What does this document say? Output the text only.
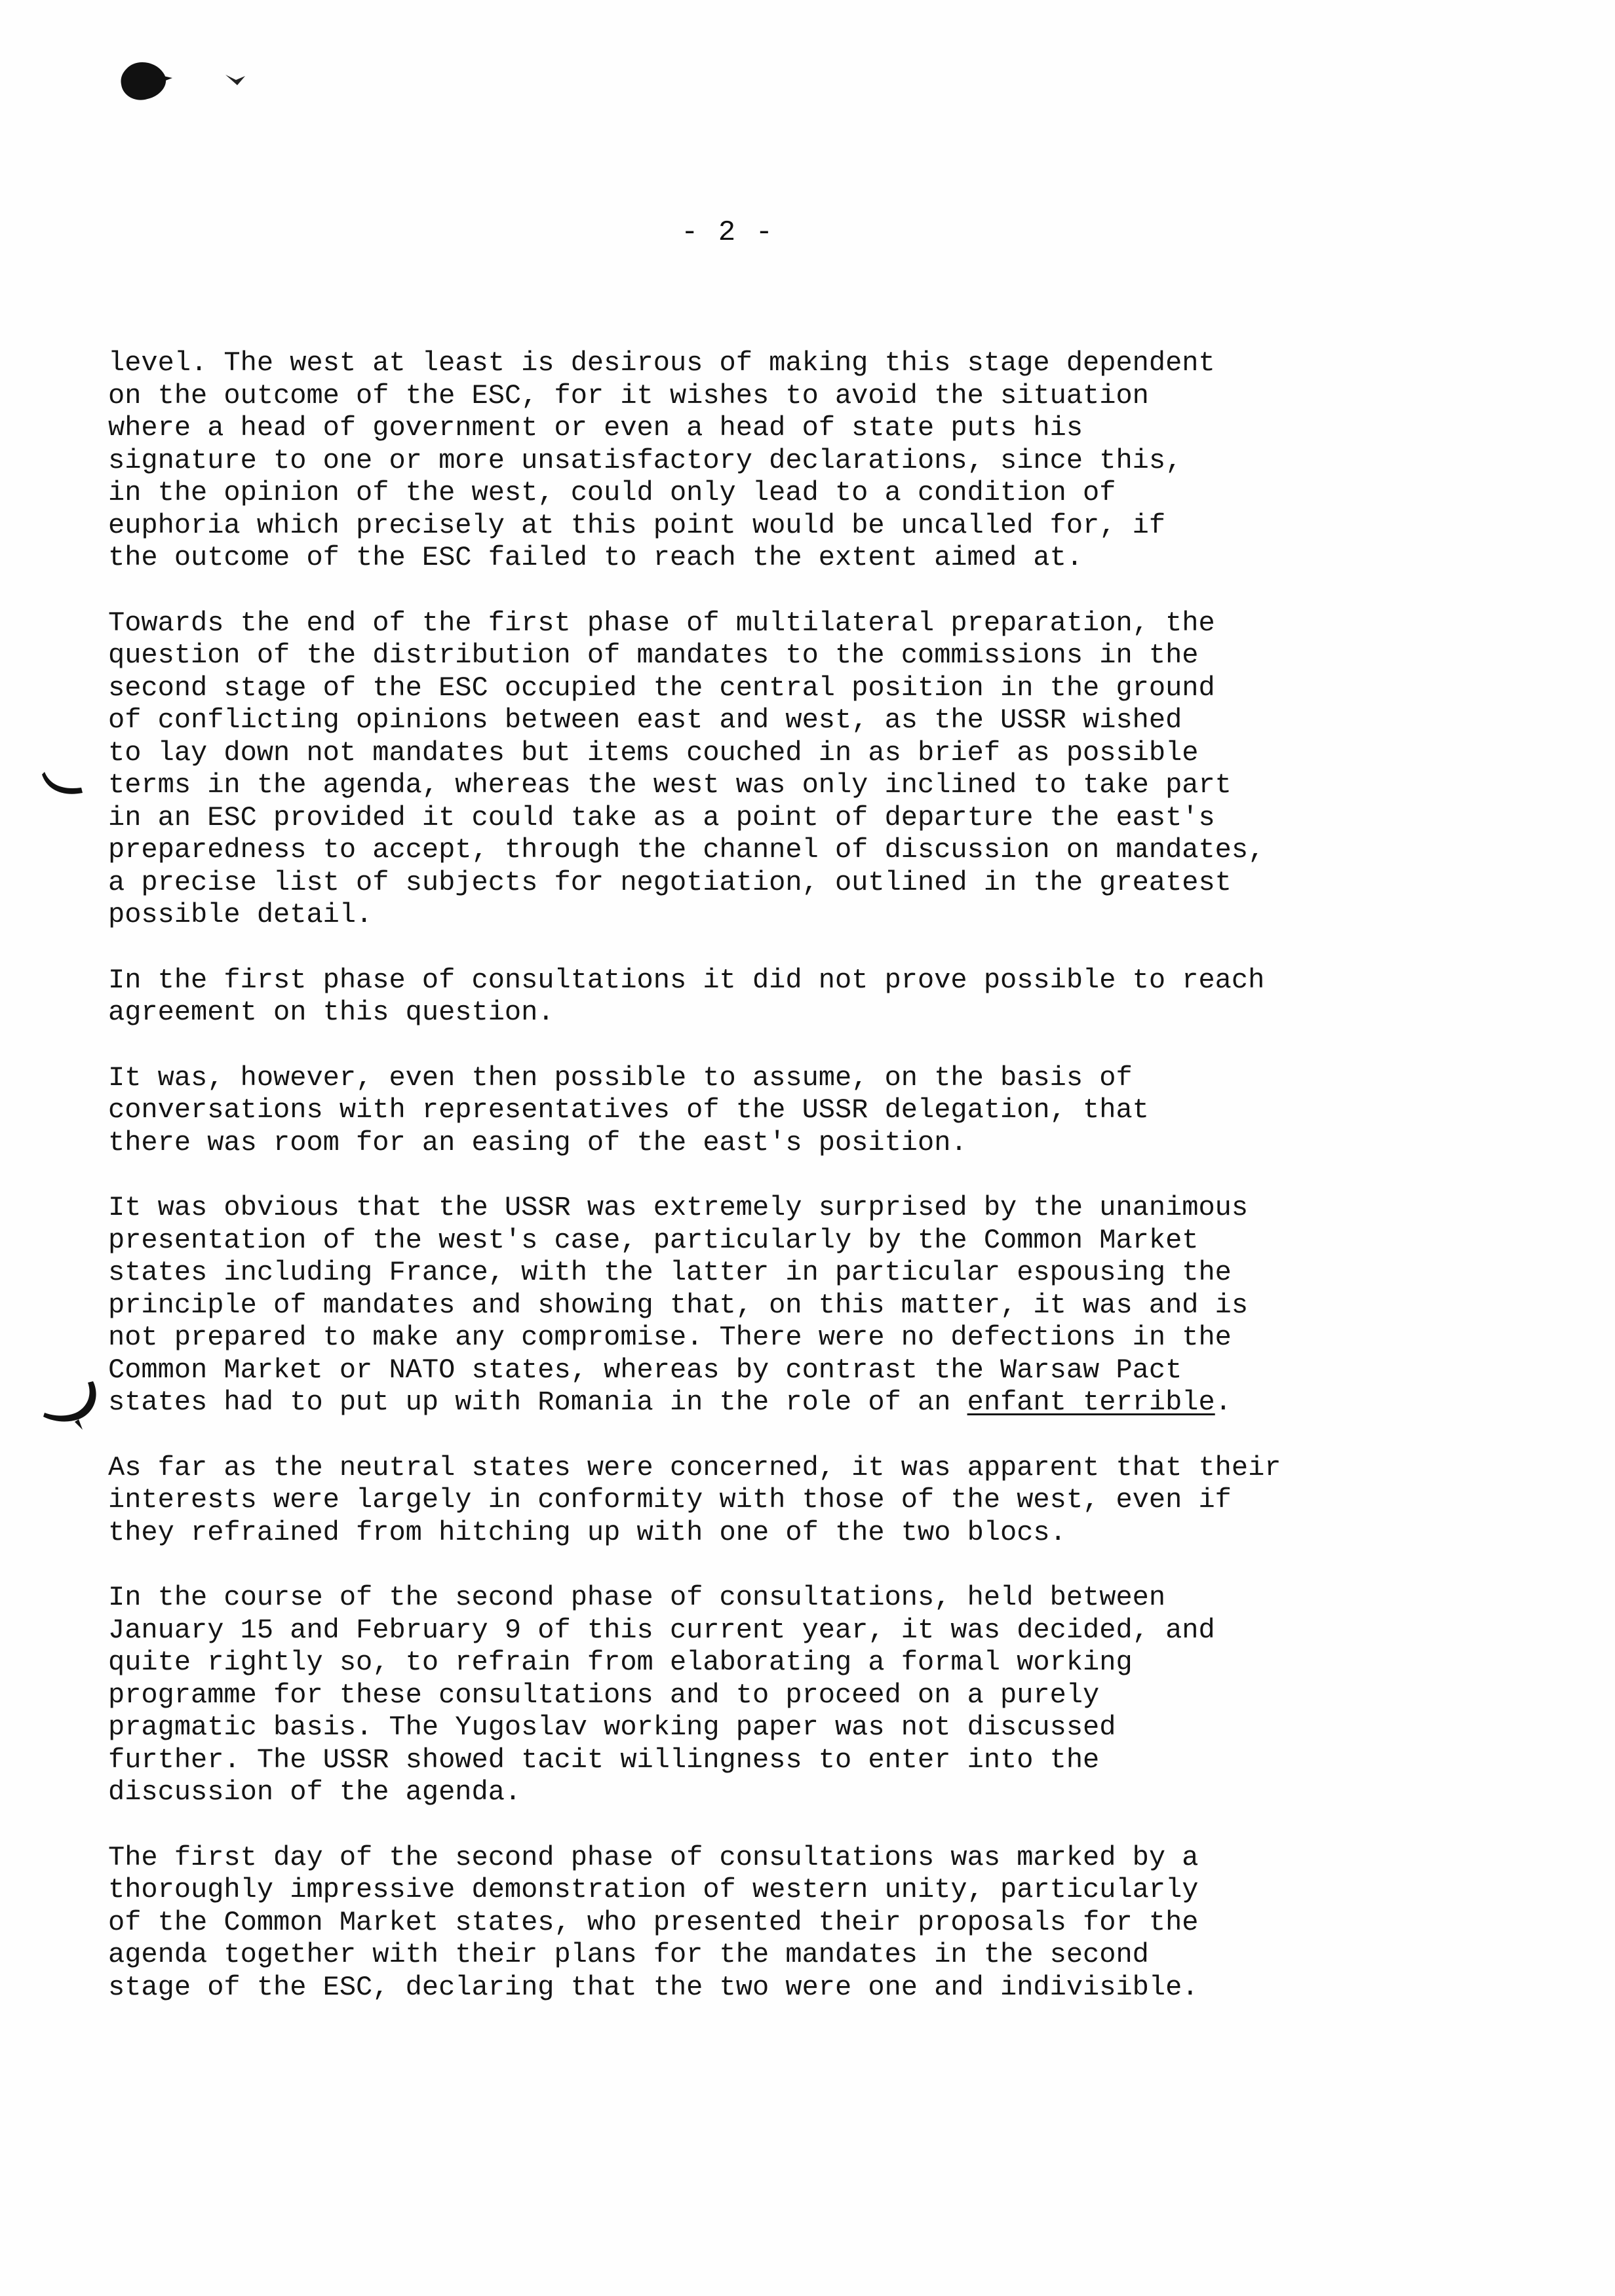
- 2 -
level. The west at least is desirous of making this stage dependent
on the outcome of the ESC, for it wishes to avoid the situation
where a head of government or even a head of state puts his
signature to one or more unsatisfactory declarations, since this,
in the opinion of the west, could only lead to a condition of
euphoria which precisely at this point would be uncalled for, if
the outcome of the ESC failed to reach the extent aimed at.
Towards the end of the first phase of multilateral preparation, the
question of the distribution of mandates to the commissions in the
second stage of the ESC occupied the central position in the ground
of conflicting opinions between east and west, as the USSR wished
to lay down not mandates but items couched in as brief as possible
terms in the agenda, whereas the west was only inclined to take part
in an ESC provided it could take as a point of departure the east's
preparedness to accept, through the channel of discussion on mandates,
a precise list of subjects for negotiation, outlined in the greatest
possible detail.
In the first phase of consultations it did not prove possible to reach
agreement on this question.
It was, however, even then possible to assume, on the basis of
conversations with representatives of the USSR delegation, that
there was room for an easing of the east's position.
It was obvious that the USSR was extremely surprised by the unanimous
presentation of the west's case, particularly by the Common Market
states including France, with the latter in particular espousing the
principle of mandates and showing that, on this matter, it was and is
not prepared to make any compromise. There were no defections in the
Common Market or NATO states, whereas by contrast the Warsaw Pact
states had to put up with Romania in the role of an enfant terrible.
As far as the neutral states were concerned, it was apparent that their
interests were largely in conformity with those of the west, even if
they refrained from hitching up with one of the two blocs.
In the course of the second phase of consultations, held between
January 15 and February 9 of this current year, it was decided, and
quite rightly so, to refrain from elaborating a formal working
programme for these consultations and to proceed on a purely
pragmatic basis. The Yugoslav working paper was not discussed
further. The USSR showed tacit willingness to enter into the
discussion of the agenda.
The first day of the second phase of consultations was marked by a
thoroughly impressive demonstration of western unity, particularly
of the Common Market states, who presented their proposals for the
agenda together with their plans for the mandates in the second
stage of the ESC, declaring that the two were one and indivisible.
